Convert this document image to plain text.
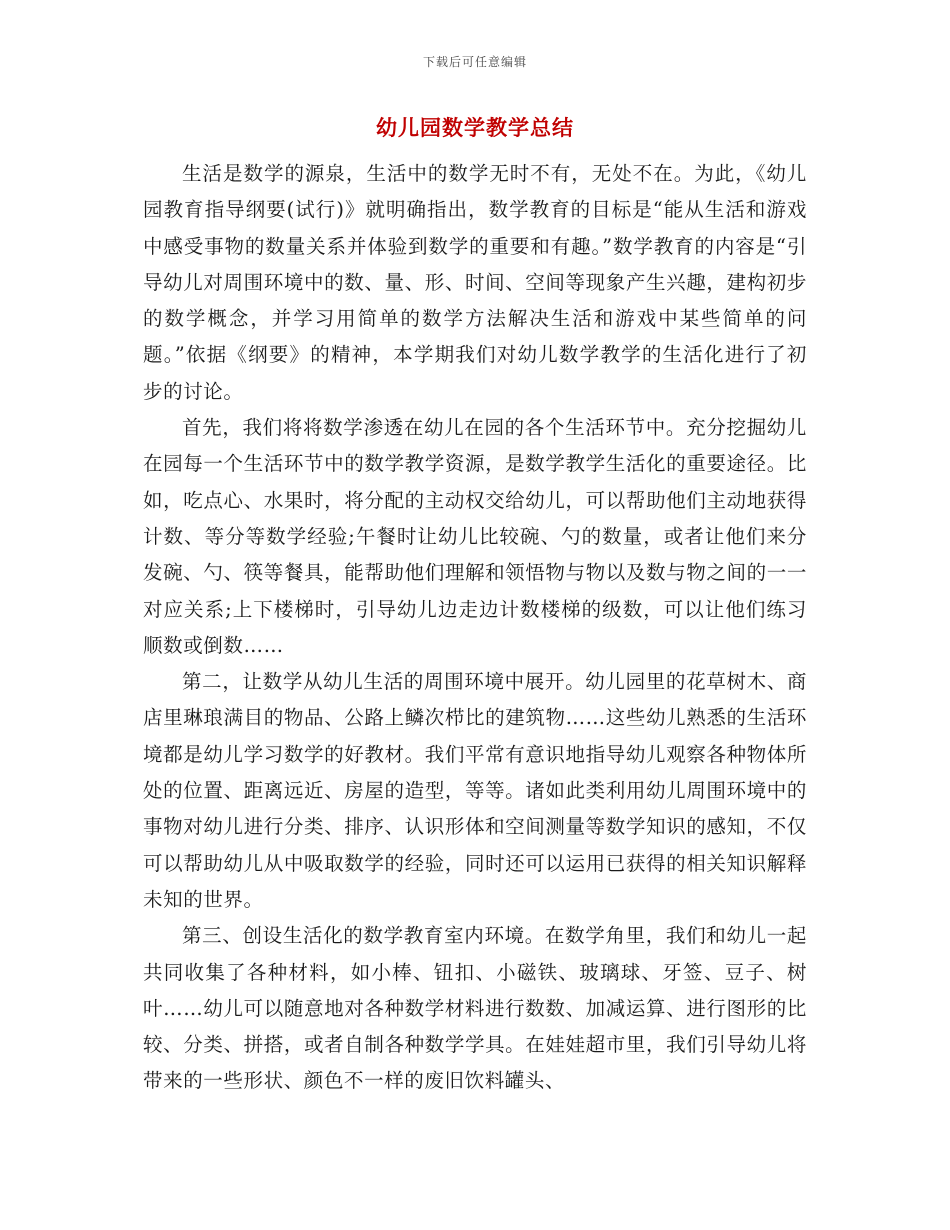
下载后可任意编辑
幼儿园数学教学总结

生活是数学的源泉，生活中的数学无时不有，无处不在。为此，《幼儿园教育指导纲要(试行)》就明确指出，数学教育的目标是“能从生活和游戏中感受事物的数量关系并体验到数学的重要和有趣。”数学教育的内容是“引导幼儿对周围环境中的数、量、形、时间、空间等现象产生兴趣，建构初步的数学概念，并学习用简单的数学方法解决生活和游戏中某些简单的问题。”依据《纲要》的精神，本学期我们对幼儿数学教学的生活化进行了初步的讨论。

首先，我们将将数学渗透在幼儿在园的各个生活环节中。充分挖掘幼儿在园每一个生活环节中的数学教学资源，是数学教学生活化的重要途径。比如，吃点心、水果时，将分配的主动权交给幼儿，可以帮助他们主动地获得计数、等分等数学经验;午餐时让幼儿比较碗、勺的数量，或者让他们来分发碗、勺、筷等餐具，能帮助他们理解和领悟物与物以及数与物之间的一一对应关系;上下楼梯时，引导幼儿边走边计数楼梯的级数，可以让他们练习顺数或倒数……

第二，让数学从幼儿生活的周围环境中展开。幼儿园里的花草树木、商店里琳琅满目的物品、公路上鳞次栉比的建筑物……这些幼儿熟悉的生活环境都是幼儿学习数学的好教材。我们平常有意识地指导幼儿观察各种物体所处的位置、距离远近、房屋的造型，等等。诸如此类利用幼儿周围环境中的事物对幼儿进行分类、排序、认识形体和空间测量等数学知识的感知，不仅可以帮助幼儿从中吸取数学的经验，同时还可以运用已获得的相关知识解释未知的世界。

第三、创设生活化的数学教育室内环境。在数学角里，我们和幼儿一起共同收集了各种材料，如小棒、钮扣、小磁铁、玻璃球、牙签、豆子、树叶……幼儿可以随意地对各种数学材料进行数数、加减运算、进行图形的比较、分类、拼搭，或者自制各种数学学具。在娃娃超市里，我们引导幼儿将带来的一些形状、颜色不一样的废旧饮料罐头、
